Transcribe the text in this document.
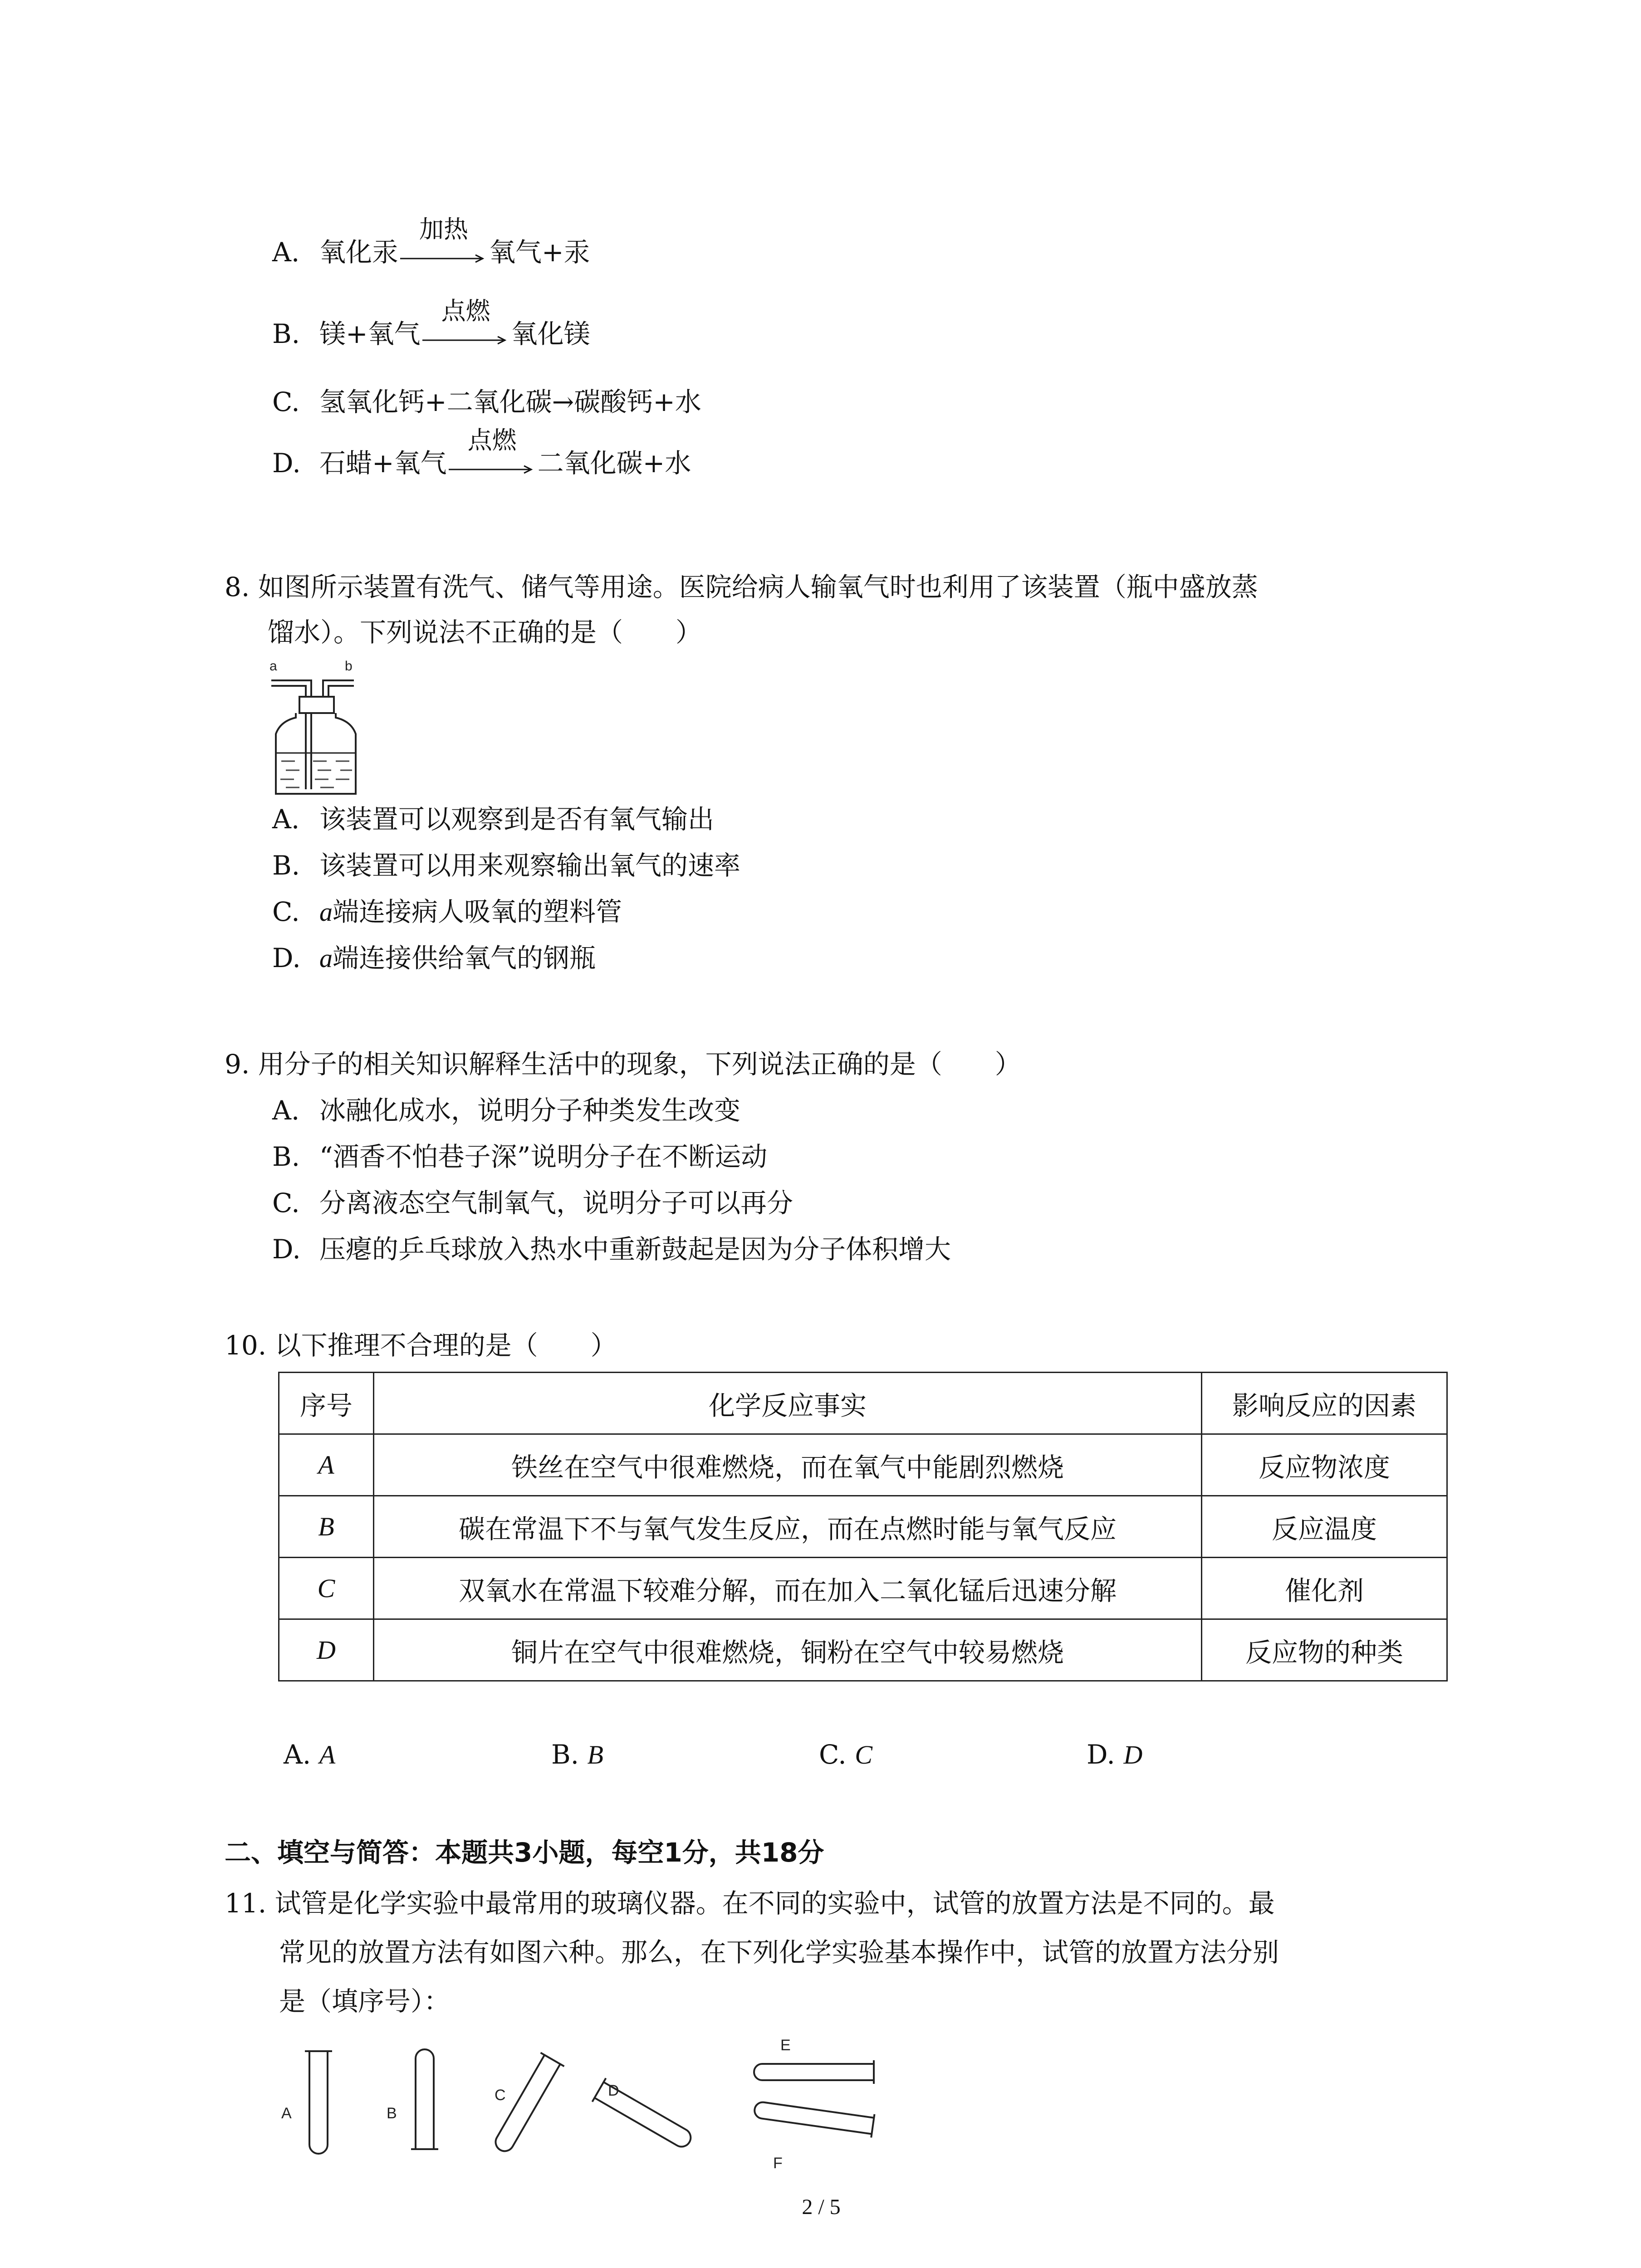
A. 氧化汞
加热
氧气+汞
B. 镁+氧气
点燃
氧化镁
C. 氢氧化钙+二氧化碳→碳酸钙+水
D. 石蜡+氧气
点燃
二氧化碳+水
8. 如图所示装置有洗气、储气等用途。医院给病人输氧气时也利用了该装置（瓶中盛放蒸
馏水）。下列说法不正确的是（　　）
a	b
A. 该装置可以观察到是否有氧气输出
B. 该装置可以用来观察输出氧气的速率
C. a端连接病人吸氧的塑料管
D. a端连接供给氧气的钢瓶
9. 用分子的相关知识解释生活中的现象，下列说法正确的是（　　）
A. 冰融化成水，说明分子种类发生改变
B. “酒香不怕巷子深”说明分子在不断运动
C. 分离液态空气制氧气，说明分子可以再分
D. 压瘪的乒乓球放入热水中重新鼓起是因为分子体积增大
10. 以下推理不合理的是（　　）
序号	化学反应事实	影响反应的因素
A	铁丝在空气中很难燃烧，而在氧气中能剧烈燃烧	反应物浓度
B	碳在常温下不与氧气发生反应，而在点燃时能与氧气反应	反应温度
C	双氧水在常温下较难分解，而在加入二氧化锰后迅速分解	催化剂
D	铜片在空气中很难燃烧，铜粉在空气中较易燃烧	反应物的种类
A. A	B. B	C. C	D. D
二、填空与简答：本题共3小题，每空1分，共18分
11. 试管是化学实验中最常用的玻璃仪器。在不同的实验中，试管的放置方法是不同的。最
常见的放置方法有如图六种。那么，在下列化学实验基本操作中，试管的放置方法分别
是（填序号）：
A	B
C	D
E
F
2 / 5
